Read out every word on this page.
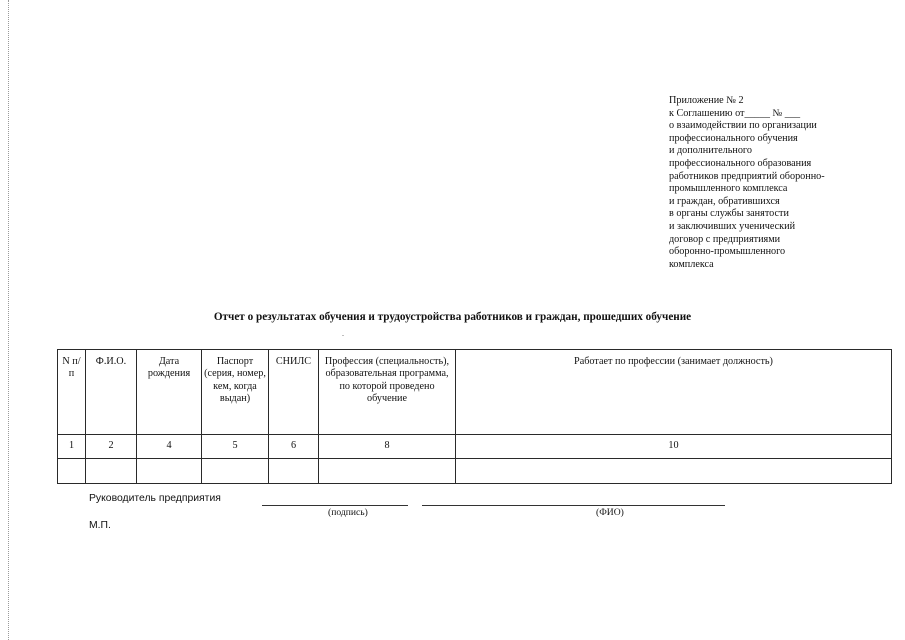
Приложение № 2
к Соглашению от_____ № ___
о взаимодействии по организации
профессионального обучения
и дополнительного
профессионального образования
работников предприятий оборонно-
промышленного комплекса
и граждан, обратившихся
в органы службы занятости
и заключивших ученический
договор с предприятиями
оборонно-промышленного
комплекса
Отчет о результатах обучения и трудоустройства работников и граждан, прошедших обучение
.
N п/п	Ф.И.О.	Дата рождения	Паспорт (серия, номер, кем, когда выдан)	СНИЛС	Профессия (специальность), образовательная программа, по которой проведено обучение	Работает по профессии (занимает должность)
1	2	4	5	6	8	10

Руководитель предприятия
(подпись)	(ФИО)
М.П.
